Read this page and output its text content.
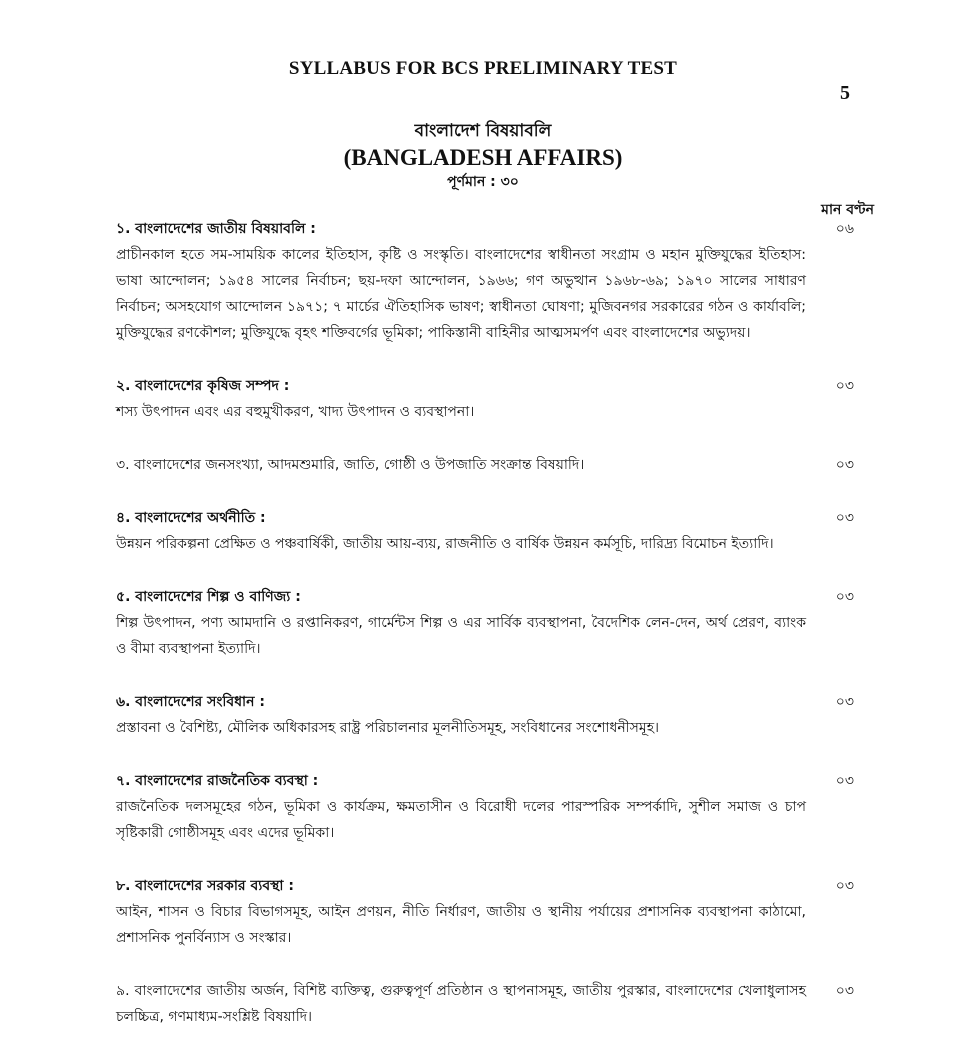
SYLLABUS FOR BCS PRELIMINARY TEST
5
বাংলাদেশ বিষয়াবলি
(BANGLADESH AFFAIRS)
পূর্ণমান : ৩০
মান বণ্টন
১. বাংলাদেশের জাতীয় বিষয়াবলি :
প্রাচীনকাল হতে সম-সাময়িক কালের ইতিহাস, কৃষ্টি ও সংস্কৃতি। বাংলাদেশের স্বাধীনতা সংগ্রাম ও মহান মুক্তিযুদ্ধের ইতিহাস: ভাষা আন্দোলন; ১৯৫৪ সালের নির্বাচন; ছয়-দফা আন্দোলন, ১৯৬৬; গণ অভুত্থান ১৯৬৮-৬৯; ১৯৭০ সালের সাধারণ নির্বাচন; অসহযোগ আন্দোলন ১৯৭১; ৭ মার্চের ঐতিহাসিক ভাষণ; স্বাধীনতা ঘোষণা; মুজিবনগর সরকারের গঠন ও কার্যাবলি; মুক্তিযুদ্ধের রণকৌশল; মুক্তিযুদ্ধে বৃহৎ শক্তিবর্গের ভূমিকা; পাকিস্তানী বাহিনীর আত্মসমর্পণ এবং বাংলাদেশের অভ্যুদয়।
০৬
২. বাংলাদেশের কৃষিজ সম্পদ :
শস্য উৎপাদন এবং এর বহুমুখীকরণ, খাদ্য উৎপাদন ও ব্যবস্থাপনা।
০৩
৩. বাংলাদেশের জনসংখ্যা, আদমশুমারি, জাতি, গোষ্ঠী ও উপজাতি সংক্রান্ত বিষয়াদি।	০৩
৪. বাংলাদেশের অর্থনীতি :
উন্নয়ন পরিকল্পনা প্রেক্ষিত ও পঞ্চবার্ষিকী, জাতীয় আয়-ব্যয়, রাজনীতি ও বার্ষিক উন্নয়ন কর্মসূচি, দারিদ্র্য বিমোচন ইত্যাদি।
০৩
৫. বাংলাদেশের শিল্প ও বাণিজ্য :
শিল্প উৎপাদন, পণ্য আমদানি ও রপ্তানিকরণ, গার্মেন্টস শিল্প ও এর সার্বিক ব্যবস্থাপনা, বৈদেশিক লেন-দেন, অর্থ প্রেরণ, ব্যাংক ও বীমা ব্যবস্থাপনা ইত্যাদি।
০৩
৬. বাংলাদেশের সংবিধান :
প্রস্তাবনা ও বৈশিষ্ট্য, মৌলিক অধিকারসহ রাষ্ট্র পরিচালনার মূলনীতিসমূহ, সংবিধানের সংশোধনীসমূহ।
০৩
৭. বাংলাদেশের রাজনৈতিক ব্যবস্থা :
রাজনৈতিক দলসমূহের গঠন, ভূমিকা ও কার্যক্রম, ক্ষমতাসীন ও বিরোধী দলের পারস্পরিক সম্পর্কাদি, সুশীল সমাজ ও চাপ সৃষ্টিকারী গোষ্ঠীসমূহ এবং এদের ভূমিকা।
০৩
৮. বাংলাদেশের সরকার ব্যবস্থা :
আইন, শাসন ও বিচার বিভাগসমূহ, আইন প্রণয়ন, নীতি নির্ধারণ, জাতীয় ও স্থানীয় পর্যায়ের প্রশাসনিক ব্যবস্থাপনা কাঠামো, প্রশাসনিক পুনর্বিন্যাস ও সংস্কার।
০৩
৯. বাংলাদেশের জাতীয় অর্জন, বিশিষ্ট ব্যক্তিত্ব, গুরুত্বপূর্ণ প্রতিষ্ঠান ও স্থাপনাসমূহ, জাতীয় পুরস্কার, বাংলাদেশের খেলাধুলাসহ চলচ্চিত্র, গণমাধ্যম-সংশ্লিষ্ট বিষয়াদি।
০৩
